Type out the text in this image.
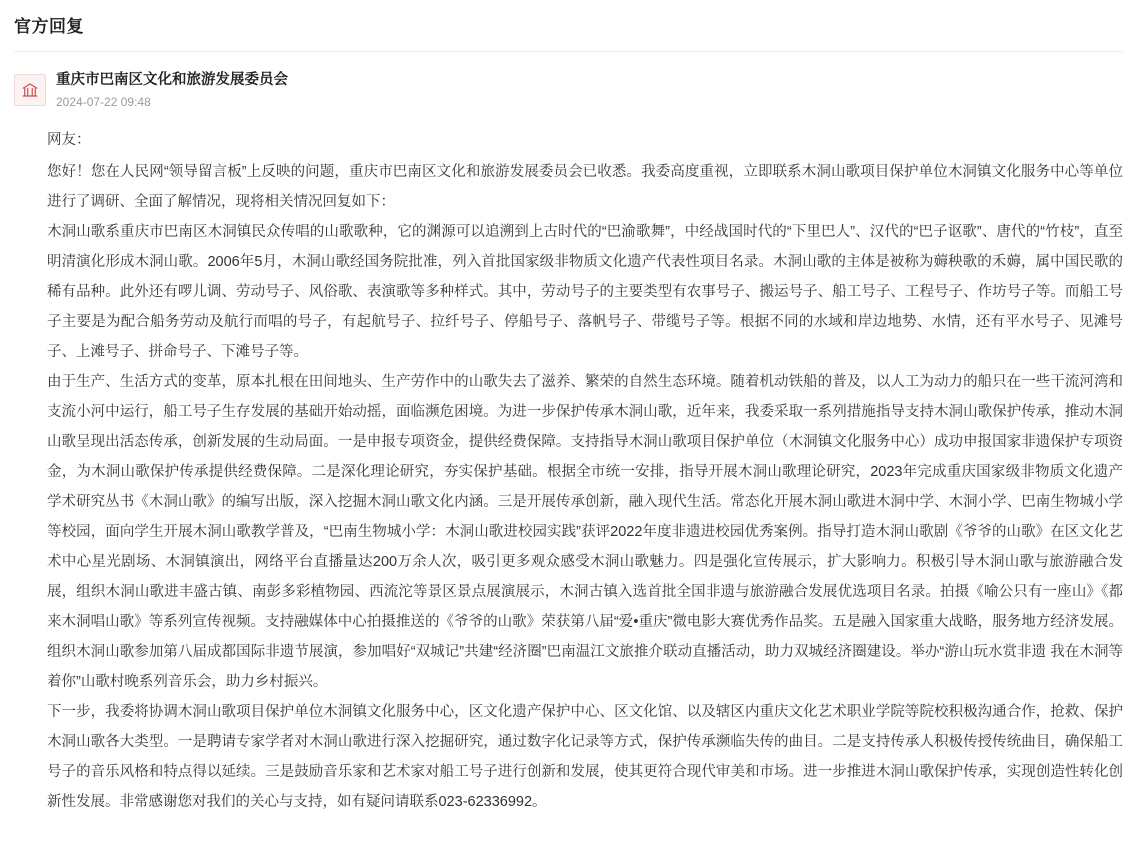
官方回复
重庆市巴南区文化和旅游发展委员会
2024-07-22 09:48

网友：

您好！您在人民网“领导留言板”上反映的问题，重庆市巴南区文化和旅游发展委员会已收悉。我委高度重视，立即联系木洞山歌项目保护单位木洞镇文化服务中心等单位进行了调研、全面了解情况，现将相关情况回复如下：

木洞山歌系重庆市巴南区木洞镇民众传唱的山歌歌种，它的渊源可以追溯到上古时代的“巴渝歌舞”，中经战国时代的“下里巴人”、汉代的“巴子讴歌”、唐代的“竹枝”，直至明清演化形成木洞山歌。2006年5月，木洞山歌经国务院批准，列入首批国家级非物质文化遗产代表性项目名录。木洞山歌的主体是被称为薅秧歌的禾薅，属中国民歌的稀有品种。此外还有啰儿调、劳动号子、风俗歌、表演歌等多种样式。其中，劳动号子的主要类型有农事号子、搬运号子、船工号子、工程号子、作坊号子等。而船工号子主要是为配合船务劳动及航行而唱的号子，有起航号子、拉纤号子、停船号子、落帆号子、带缆号子等。根据不同的水域和岸边地势、水情，还有平水号子、见滩号子、上滩号子、拼命号子、下滩号子等。

由于生产、生活方式的变革，原本扎根在田间地头、生产劳作中的山歌失去了滋养、繁荣的自然生态环境。随着机动铁船的普及，以人工为动力的船只在一些干流河湾和支流小河中运行，船工号子生存发展的基础开始动摇，面临濒危困境。为进一步保护传承木洞山歌，近年来，我委采取一系列措施指导支持木洞山歌保护传承，推动木洞山歌呈现出活态传承，创新发展的生动局面。一是申报专项资金，提供经费保障。支持指导木洞山歌项目保护单位（木洞镇文化服务中心）成功申报国家非遗保护专项资金，为木洞山歌保护传承提供经费保障。二是深化理论研究，夯实保护基础。根据全市统一安排，指导开展木洞山歌理论研究，2023年完成重庆国家级非物质文化遗产学术研究丛书《木洞山歌》的编写出版，深入挖掘木洞山歌文化内涵。三是开展传承创新，融入现代生活。常态化开展木洞山歌进木洞中学、木洞小学、巴南生物城小学等校园，面向学生开展木洞山歌教学普及，“巴南生物城小学：木洞山歌进校园实践”获评2022年度非遗进校园优秀案例。指导打造木洞山歌剧《爷爷的山歌》在区文化艺术中心星光剧场、木洞镇演出，网络平台直播量达200万余人次，吸引更多观众感受木洞山歌魅力。四是强化宣传展示，扩大影响力。积极引导木洞山歌与旅游融合发展，组织木洞山歌进丰盛古镇、南彭多彩植物园、西流沱等景区景点展演展示，木洞古镇入选首批全国非遗与旅游融合发展优选项目名录。拍摄《喻公只有一座山》《都来木洞唱山歌》等系列宣传视频。支持融媒体中心拍摄推送的《爷爷的山歌》荣获第八届“爱•重庆”微电影大赛优秀作品奖。五是融入国家重大战略，服务地方经济发展。组织木洞山歌参加第八届成都国际非遗节展演，参加唱好“双城记”共建“经济圈”巴南温江文旅推介联动直播活动，助力双城经济圈建设。举办“游山玩水赏非遗 我在木洞等着你”山歌村晚系列音乐会，助力乡村振兴。

下一步，我委将协调木洞山歌项目保护单位木洞镇文化服务中心，区文化遗产保护中心、区文化馆、以及辖区内重庆文化艺术职业学院等院校积极沟通合作，抢救、保护木洞山歌各大类型。一是聘请专家学者对木洞山歌进行深入挖掘研究，通过数字化记录等方式，保护传承濒临失传的曲目。二是支持传承人积极传授传统曲目，确保船工号子的音乐风格和特点得以延续。三是鼓励音乐家和艺术家对船工号子进行创新和发展，使其更符合现代审美和市场。进一步推进木洞山歌保护传承，实现创造性转化创新性发展。非常感谢您对我们的关心与支持，如有疑问请联系023-62336992。
